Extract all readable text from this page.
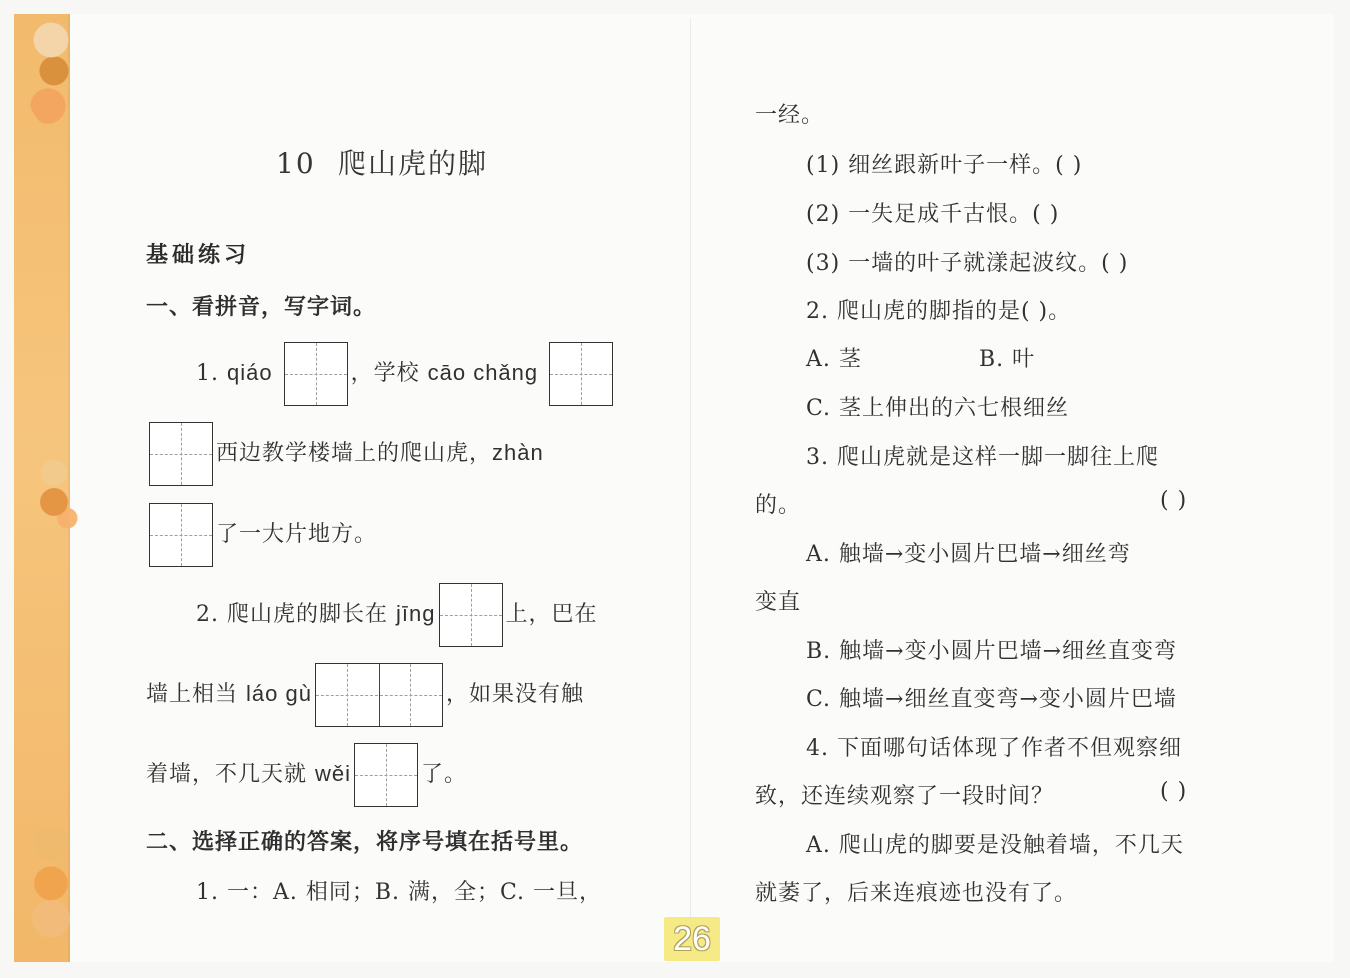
10 爬山虎的脚
基础练习
一、看拼音，写字词。
1. qiáo	，学校 cāo chǎng
西边教学楼墙上的爬山虎，zhàn
了一大片地方。
2. 爬山虎的脚长在 jīng	上，巴在
墙上相当 láo gù	，如果没有触
着墙，不几天就 wěi	了。
二、选择正确的答案，将序号填在括号里。
1. 一：A. 相同；B. 满，全；C. 一旦，
一经。
(1) 细丝跟新叶子一样。( )
(2) 一失足成千古恨。( )
(3) 一墙的叶子就漾起波纹。( )
2. 爬山虎的脚指的是( )。
A. 茎	B. 叶
C. 茎上伸出的六七根细丝
3. 爬山虎就是这样一脚一脚往上爬
的。	( )
A. 触墙→变小圆片巴墙→细丝弯
变直
B. 触墙→变小圆片巴墙→细丝直变弯
C. 触墙→细丝直变弯→变小圆片巴墙
4. 下面哪句话体现了作者不但观察细
致，还连续观察了一段时间？	( )
A. 爬山虎的脚要是没触着墙，不几天
就萎了，后来连痕迹也没有了。
26
